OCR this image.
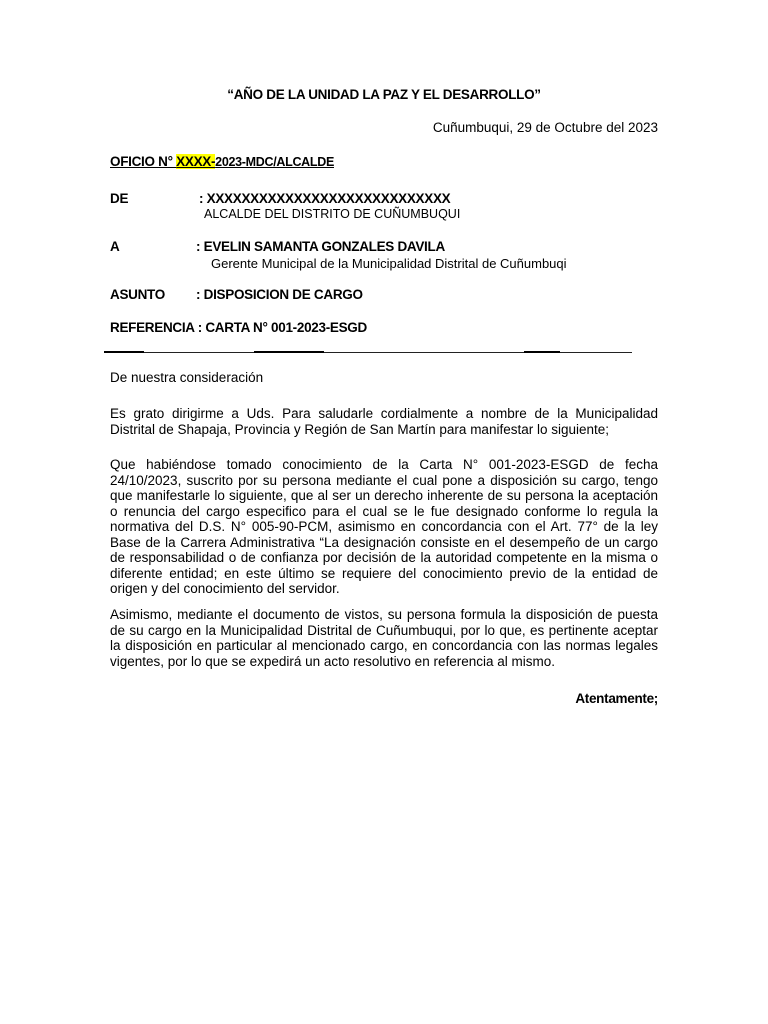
“AÑO DE LA UNIDAD LA PAZ Y EL DESARROLLO”
Cuñumbuqui, 29 de Octubre del 2023
OFICIO N° XXXX-2023-MDC/ALCALDE
DE	: XXXXXXXXXXXXXXXXXXXXXXXXXXXX
ALCALDE DEL DISTRITO DE CUÑUMBUQUI
A	: EVELIN SAMANTA GONZALES DAVILA
Gerente Municipal de la Municipalidad Distrital de Cuñumbuqi
ASUNTO : DISPOSICION DE CARGO
REFERENCIA : CARTA N° 001-2023-ESGD
De nuestra consideración
Es grato dirigirme a Uds. Para saludarle cordialmente a nombre de la Municipalidad Distrital de Shapaja, Provincia y Región de San Martín para manifestar lo siguiente;
Que habiéndose tomado conocimiento de la Carta N° 001-2023-ESGD de fecha 24/10/2023, suscrito por su persona mediante el cual pone a disposición su cargo, tengo que manifestarle lo siguiente, que al ser un derecho inherente de su persona la aceptación o renuncia del cargo especifico para el cual se le fue designado conforme lo regula la normativa del D.S. N° 005-90-PCM, asimismo en concordancia con el Art. 77° de la ley Base de la Carrera Administrativa “La designación consiste en el desempeño de un cargo de responsabilidad o de confianza por decisión de la autoridad competente en la misma o diferente entidad; en este último se requiere del conocimiento previo de la entidad de origen y del conocimiento del servidor.
Asimismo, mediante el documento de vistos, su persona formula la disposición de puesta de su cargo en la Municipalidad Distrital de Cuñumbuqui, por lo que, es pertinente aceptar la disposición en particular al mencionado cargo, en concordancia con las normas legales vigentes, por lo que se expedirá un acto resolutivo en referencia al mismo.
Atentamente;
